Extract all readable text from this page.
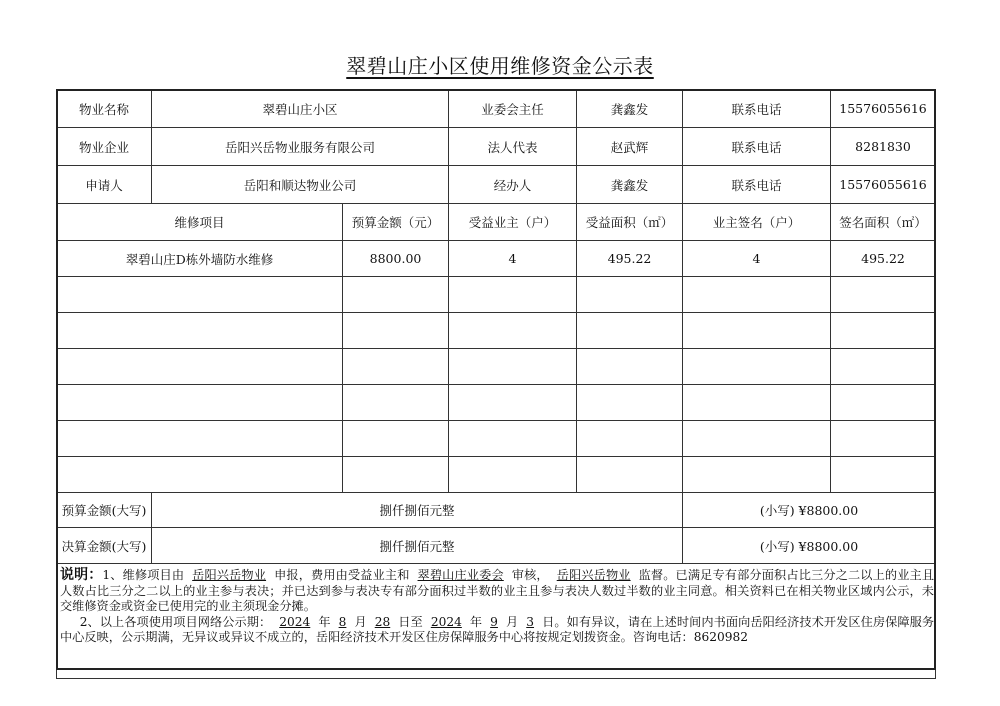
翠碧山庄小区使用维修资金公示表
物业名称	翠碧山庄小区		业委会主任	龚鑫发	联系电话	15576055616
物业企业	岳阳兴岳物业服务有限公司		法人代表	赵武辉	联系电话	8281830
申请人	岳阳和顺达物业公司		经办人	龚鑫发	联系电话	15576055616
维修项目		预算金额（元）	受益业主（户）	受益面积（㎡）	业主签名（户）	签名面积（㎡）
翠碧山庄D栋外墙防水维修		8800.00	4	495.22	4	495.22

预算金额(大写)	捌仟捌佰元整				(小写) ¥8800.00	
决算金额(大写)	捌仟捌佰元整				(小写) ¥8800.00	

说明：1、维修项目由 岳阳兴岳物业 申报，费用由受益业主和 翠碧山庄业委会 审核， 岳阳兴岳物业 监督。已满足专有部分面积占比三分之二以上的业主且人数占比三分之二以上的业主参与表决；并已达到参与表决专有部分面积过半数的业主且参与表决人数过半数的业主同意。相关资料已在相关物业区域内公示，未交维修资金或资金已使用完的业主须现金分摊。
2、以上各项使用项目网络公示期： 2024 年 8 月 28 日至 2024 年 9 月 3 日。如有异议，请在上述时间内书面向岳阳经济技术开发区住房保障服务中心反映，公示期满，无异议或异议不成立的，岳阳经济技术开发区住房保障服务中心将按规定划拨资金。咨询电话：8620982
